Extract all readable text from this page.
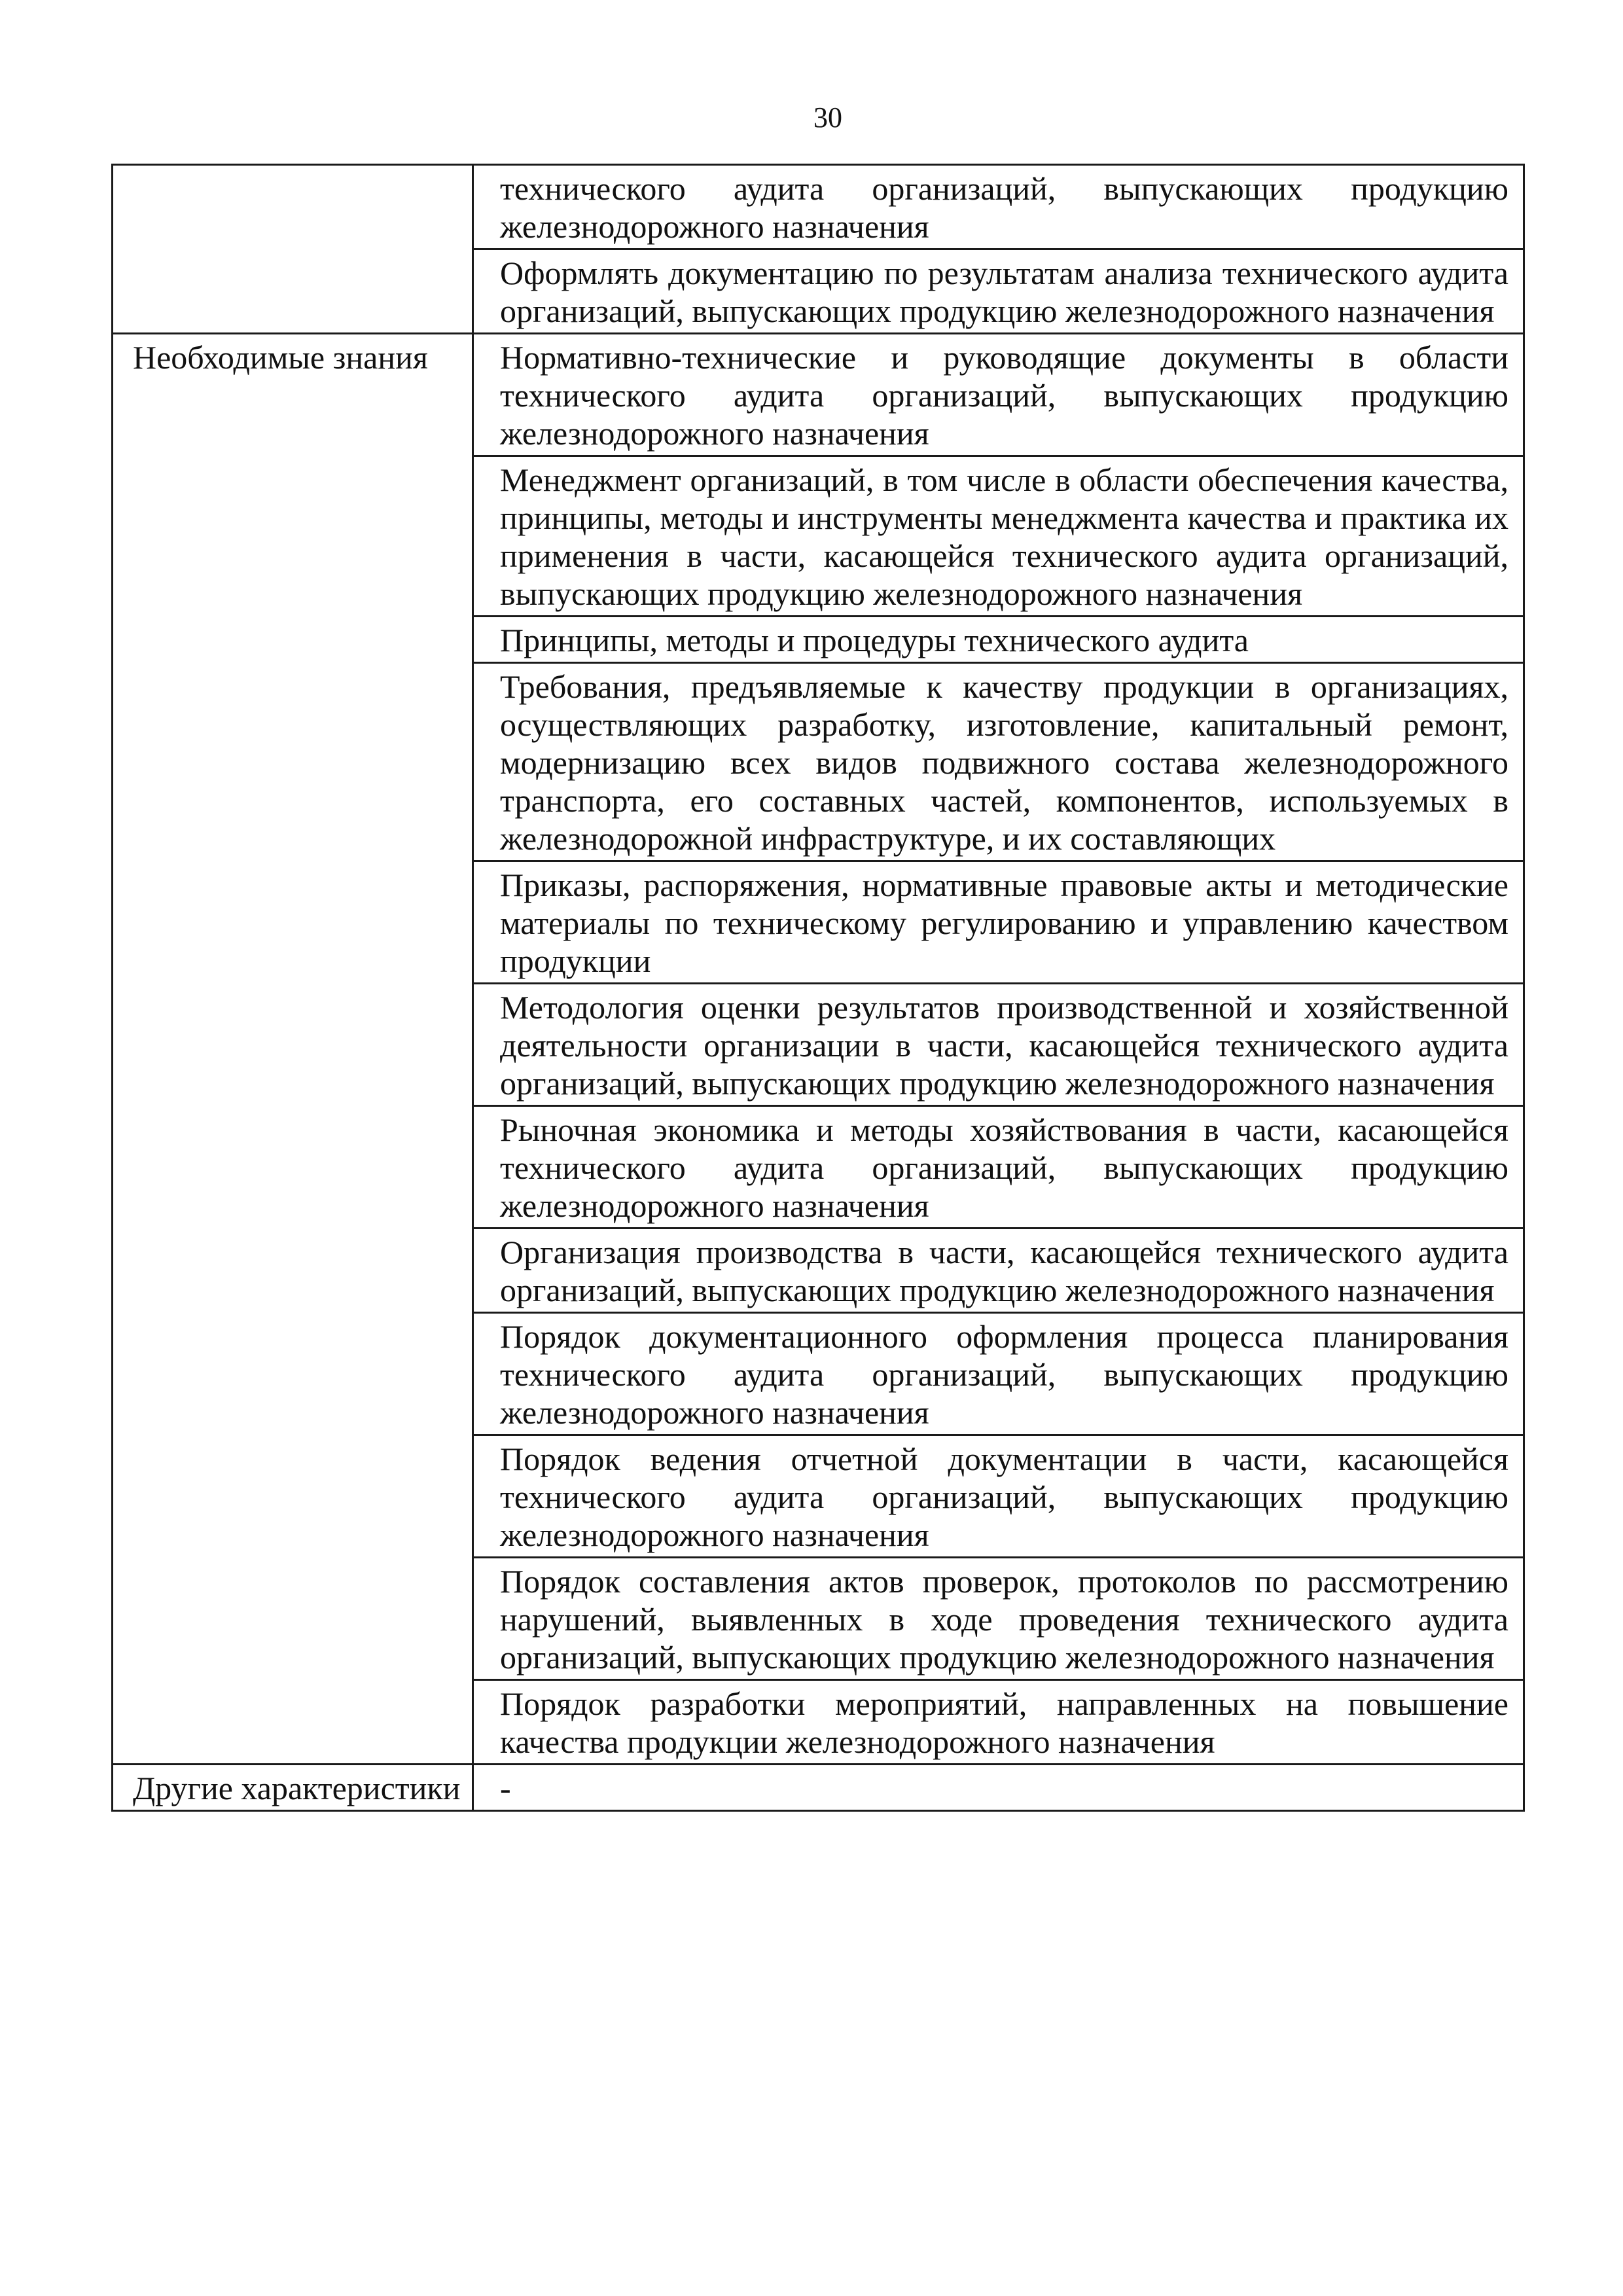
30

	технического аудита организаций, выпускающих продукцию железнодорожного назначения

	Оформлять документацию по результатам анализа технического аудита организаций, выпускающих продукцию железнодорожного назначения

Необходимые знания	Нормативно-технические и руководящие документы в области технического аудита организаций, выпускающих продукцию железнодорожного назначения

	Менеджмент организаций, в том числе в области обеспечения качества, принципы, методы и инструменты менеджмента качества и практика их применения в части, касающейся технического аудита организаций, выпускающих продукцию железнодорожного назначения

	Принципы, методы и процедуры технического аудита

	Требования, предъявляемые к качеству продукции в организациях, осуществляющих разработку, изготовление, капитальный ремонт, модернизацию всех видов подвижного состава железнодорожного транспорта, его составных частей, компонентов, используемых в железнодорожной инфраструктуре, и их составляющих

	Приказы, распоряжения, нормативные правовые акты и методические материалы по техническому регулированию и управлению качеством продукции

	Методология оценки результатов производственной и хозяйственной деятельности организации в части, касающейся технического аудита организаций, выпускающих продукцию железнодорожного назначения

	Рыночная экономика и методы хозяйствования в части, касающейся технического аудита организаций, выпускающих продукцию железнодорожного назначения

	Организация производства в части, касающейся технического аудита организаций, выпускающих продукцию железнодорожного назначения

	Порядок документационного оформления процесса планирования технического аудита организаций, выпускающих продукцию железнодорожного назначения

	Порядок ведения отчетной документации в части, касающейся технического аудита организаций, выпускающих продукцию железнодорожного назначения

	Порядок составления актов проверок, протоколов по рассмотрению нарушений, выявленных в ходе проведения технического аудита организаций, выпускающих продукцию железнодорожного назначения

	Порядок разработки мероприятий, направленных на повышение качества продукции железнодорожного назначения

Другие характеристики	-
